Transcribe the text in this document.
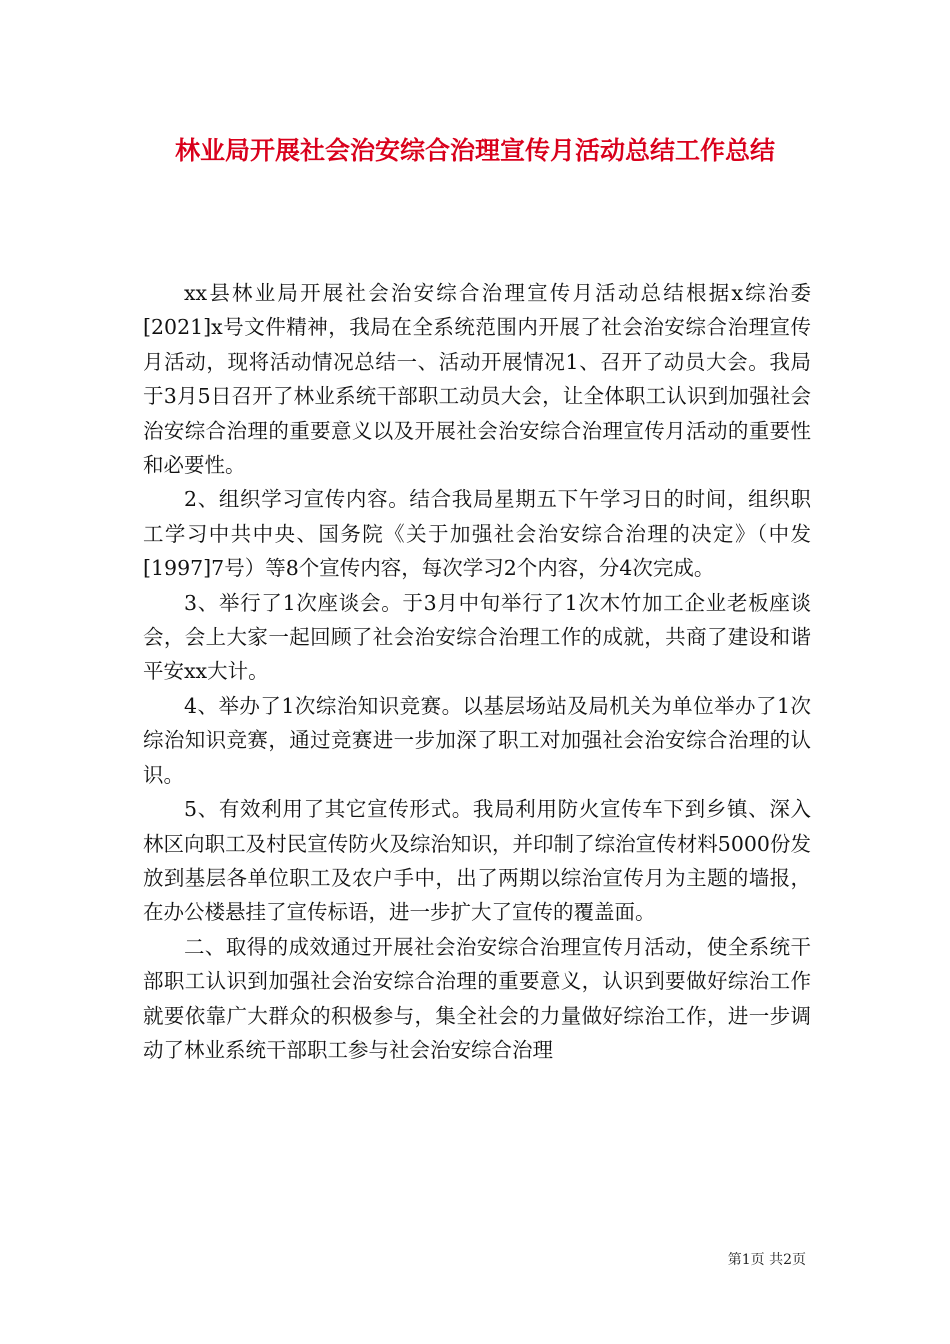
林业局开展社会治安综合治理宣传月活动总结工作总结

xx县林业局开展社会治安综合治理宣传月活动总结根据x综治委[2021]x号文件精神，我局在全系统范围内开展了社会治安综合治理宣传月活动，现将活动情况总结一、活动开展情况1、召开了动员大会。我局于3月5日召开了林业系统干部职工动员大会，让全体职工认识到加强社会治安综合治理的重要意义以及开展社会治安综合治理宣传月活动的重要性和必要性。

2、组织学习宣传内容。结合我局星期五下午学习日的时间，组织职工学习中共中央、国务院《关于加强社会治安综合治理的决定》（中发[1997]7号）等8个宣传内容，每次学习2个内容，分4次完成。

3、举行了1次座谈会。于3月中旬举行了1次木竹加工企业老板座谈会，会上大家一起回顾了社会治安综合治理工作的成就，共商了建设和谐平安xx大计。

4、举办了1次综治知识竞赛。以基层场站及局机关为单位举办了1次综治知识竞赛，通过竞赛进一步加深了职工对加强社会治安综合治理的认识。

5、有效利用了其它宣传形式。我局利用防火宣传车下到乡镇、深入林区向职工及村民宣传防火及综治知识，并印制了综治宣传材料5000份发放到基层各单位职工及农户手中，出了两期以综治宣传月为主题的墙报，在办公楼悬挂了宣传标语，进一步扩大了宣传的覆盖面。

二、取得的成效通过开展社会治安综合治理宣传月活动，使全系统干部职工认识到加强社会治安综合治理的重要意义，认识到要做好综治工作就要依靠广大群众的积极参与，集全社会的力量做好综治工作，进一步调动了林业系统干部职工参与社会治安综合治理

第1页 共2页
